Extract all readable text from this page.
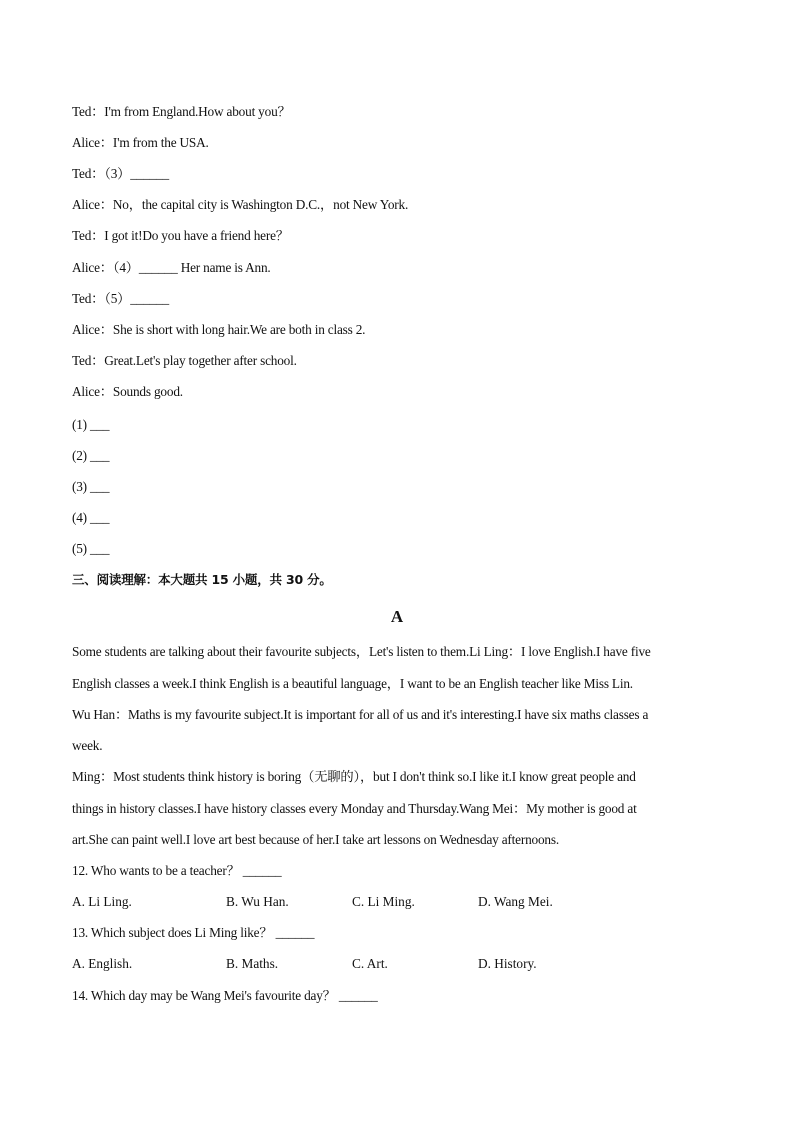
Ted：I'm from England.How about you？
Alice：I'm from the USA.
Ted：（3）______
Alice：No，the capital city is Washington D.C.，not New York.
Ted：I got it!Do you have a friend here？
Alice：（4）______ Her name is Ann.
Ted：（5）______
Alice：She is short with long hair.We are both in class 2.
Ted：Great.Let's play together after school.
Alice：Sounds good.
(1) ___
(2) ___
(3) ___
(4) ___
(5) ___
三、阅读理解：本大题共 15 小题，共 30 分。
A
Some students are talking about their favourite subjects，Let's listen to them.Li Ling：I love English.I have five
English classes a week.I think English is a beautiful language，I want to be an English teacher like Miss Lin.
Wu Han：Maths is my favourite subject.It is important for all of us and it's interesting.I have six maths classes a
week.
Ming：Most students think history is boring（无聊的），but I don't think so.I like it.I know great people and
things in history classes.I have history classes every Monday and Thursday.Wang Mei：My mother is good at
art.She can paint well.I love art best because of her.I take art lessons on Wednesday afternoons.
12. Who wants to be a teacher？ ______
A. Li Ling.	B. Wu Han.	C. Li Ming.	D. Wang Mei.
13. Which subject does Li Ming like？ ______
A. English.	B. Maths.	C. Art.	D. History.
14. Which day may be Wang Mei's favourite day？ ______
